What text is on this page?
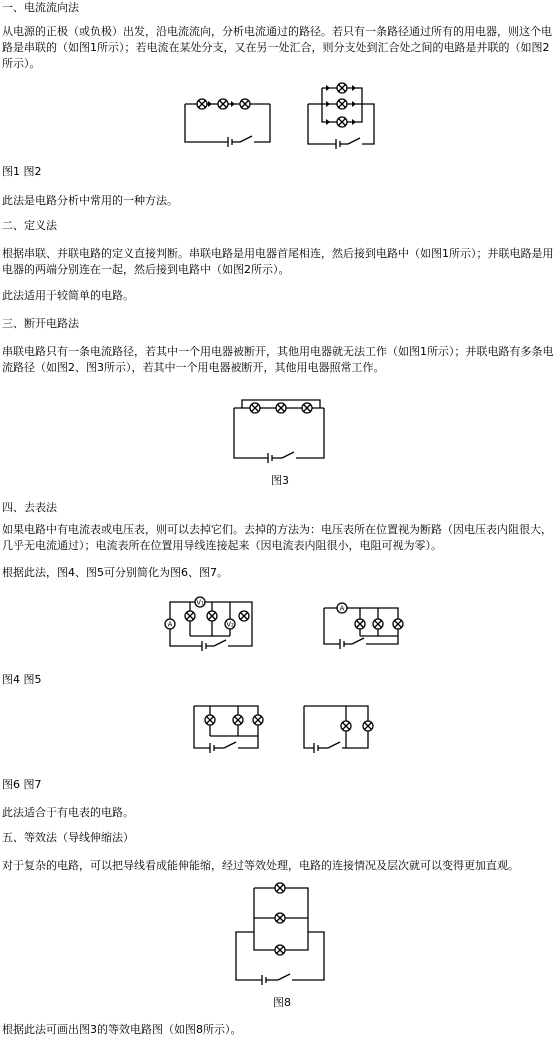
一、电流流向法
从电源的正极（或负极）出发，沿电流流向，分析电流通过的路径。若只有一条路径通过所有的用电器，则这个电路是串联的（如图1所示）；若电流在某处分支，又在另一处汇合，则分支处到汇合处之间的电路是并联的（如图2所示）。
图1 图2
此法是电路分析中常用的一种方法。
二、定义法
根据串联、并联电路的定义直接判断。串联电路是用电器首尾相连，然后接到电路中（如图1所示）；并联电路是用电器的两端分别连在一起，然后接到电路中（如图2所示）。
此法适用于较简单的电路。
三、断开电路法
串联电路只有一条电流路径，若其中一个用电器被断开，其他用电器就无法工作（如图1所示）；并联电路有多条电流路径（如图2、图3所示），若其中一个用电器被断开，其他用电器照常工作。
图3
四、去表法
如果电路中有电流表或电压表，则可以去掉它们。去掉的方法为：电压表所在位置视为断路（因电压表内阻很大，几乎无电流通过）；电流表所在位置用导线连接起来（因电流表内阻很小，电阻可视为零）。
根据此法，图4、图5可分别简化为图6、图7。
A
V₁
V₂
A
图4 图5
图6 图7
此法适合于有电表的电路。
五、等效法（导线伸缩法）
对于复杂的电路，可以把导线看成能伸能缩，经过等效处理，电路的连接情况及层次就可以变得更加直观。
图8
根据此法可画出图3的等效电路图（如图8所示）。
